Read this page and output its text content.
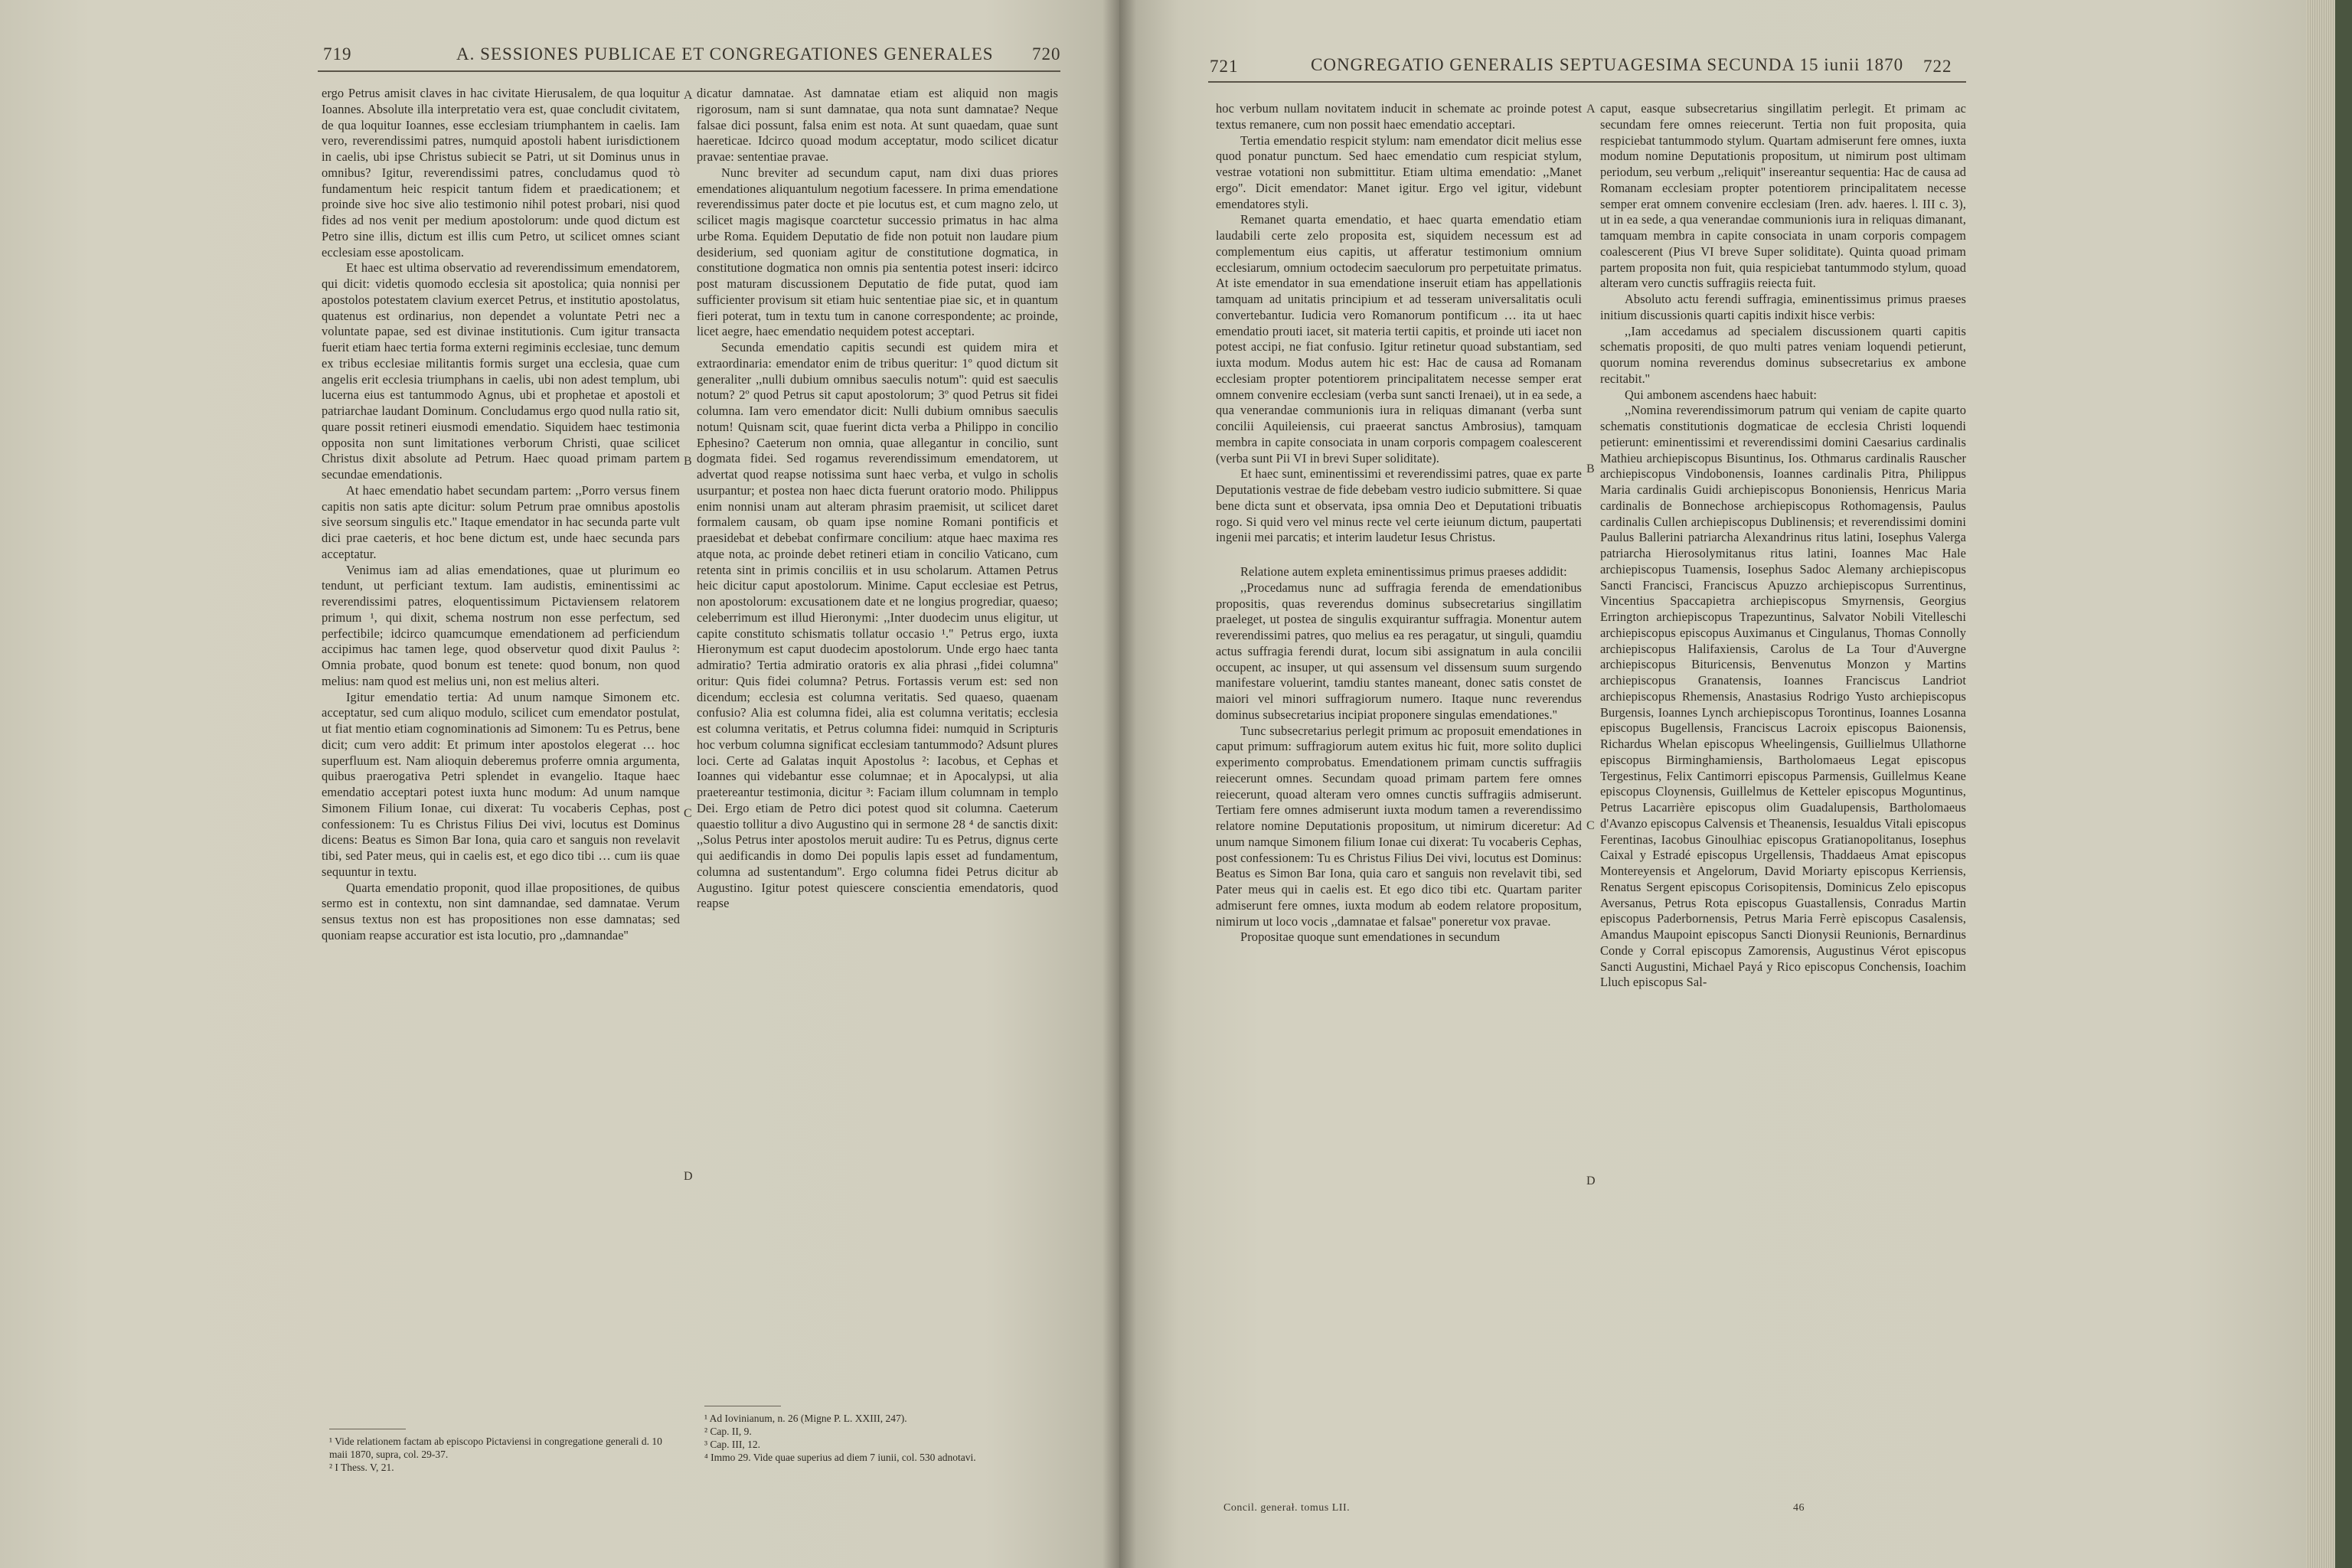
719	A. SESSIONES PUBLICAE ET CONGREGATIONES GENERALES 720

ergo Petrus amisit claves in hac civitate Hierusalem, de qua loquitur Ioannes. Absolute illa interpretatio vera est, quae concludit civitatem, de qua loquitur Ioannes, esse ecclesiam triumphantem in caelis. Iam vero, reverendissimi patres, numquid apostoli habent iurisdictionem in caelis, ubi ipse Christus subiecit se Patri, ut sit Dominus unus in omnibus? Igitur, reverendissimi patres, concludamus quod τὸ fundamentum heic respicit tantum fidem et praedicationem; et proinde sive hoc sive alio testimonio nihil potest probari, nisi quod fides ad nos venit per medium apostolorum: unde quod dictum est Petro sine illis, dictum est illis cum Petro, ut scilicet omnes sciant ecclesiam esse apostolicam.

Et haec est ultima observatio ad reverendissimum emendatorem, qui dicit: videtis quomodo ecclesia sit apostolica; quia nonnisi per apostolos potestatem clavium exercet Petrus, et institutio apostolatus, quatenus est ordinarius, non dependet a voluntate Petri nec a voluntate papae, sed est divinae institutionis. Cum igitur transacta fuerit etiam haec tertia forma externi regiminis ecclesiae, tunc demum ex tribus ecclesiae militantis formis surget una ecclesia, quae cum angelis erit ecclesia triumphans in caelis, ubi non adest templum, ubi lucerna eius est tantummodo Agnus, ubi et prophetae et apostoli et patriarchae laudant Dominum. Concludamus ergo quod nulla ratio sit, quare possit retineri eiusmodi emendatio. Siquidem haec testimonia opposita non sunt limitationes verborum Christi, quae scilicet Christus dixit absolute ad Petrum. Haec quoad primam partem secundae emendationis.

At haec emendatio habet secundam partem: ,,Porro versus finem capitis non satis apte dicitur: solum Petrum prae omnibus apostolis sive seorsum singulis etc.'' Itaque emendator in hac secunda parte vult dici prae caeteris, et hoc bene dictum est, unde haec secunda pars acceptatur.

Venimus iam ad alias emendationes, quae ut plurimum eo tendunt, ut perficiant textum. Iam audistis, eminentissimi ac reverendissimi patres, eloquentissimum Pictaviensem relatorem primum ¹, qui dixit, schema nostrum non esse perfectum, sed perfectibile; idcirco quamcumque emendationem ad perficiendum accipimus hac tamen lege, quod observetur quod dixit Paulus ²: Omnia probate, quod bonum est tenete: quod bonum, non quod melius: nam quod est melius uni, non est melius alteri.

Igitur emendatio tertia: Ad unum namque Simonem etc. acceptatur, sed cum aliquo modulo, scilicet cum emendator postulat, ut fiat mentio etiam cognominationis ad Simonem: Tu es Petrus, bene dicit; cum vero addit: Et primum inter apostolos elegerat … hoc superfluum est. Nam alioquin deberemus proferre omnia argumenta, quibus praerogativa Petri splendet in evangelio. Itaque haec emendatio acceptari potest iuxta hunc modum: Ad unum namque Simonem Filium Ionae, cui dixerat: Tu vocaberis Cephas, post confessionem: Tu es Christus Filius Dei vivi, locutus est Dominus dicens: Beatus es Simon Bar Iona, quia caro et sanguis non revelavit tibi, sed Pater meus, qui in caelis est, et ego dico tibi … cum iis quae sequuntur in textu.

Quarta emendatio proponit, quod illae propositiones, de quibus sermo est in contextu, non sint damnandae, sed damnatae. Verum sensus textus non est has propositiones non esse damnatas; sed quoniam reapse accuratior est ista locutio, pro ,,damnandae''

¹ Vide relationem factam ab episcopo Pictaviensi in congregatione generali d. 10 maii 1870, supra, col. 29-37.
² I Thess. V, 21.
A
B
C
D

dicatur damnatae. Ast damnatae etiam est aliquid non magis rigorosum, nam si sunt damnatae, qua nota sunt damnatae? Neque falsae dici possunt, falsa enim est nota. At sunt quaedam, quae sunt haereticae. Idcirco quoad modum acceptatur, modo scilicet dicatur pravae: sententiae pravae.

Nunc breviter ad secundum caput, nam dixi duas priores emendationes aliquantulum negotium facessere. In prima emendatione reverendissimus pater docte et pie locutus est, et cum magno zelo, ut scilicet magis magisque coarctetur successio primatus in hac alma urbe Roma. Equidem Deputatio de fide non potuit non laudare pium desiderium, sed quoniam agitur de constitutione dogmatica, in constitutione dogmatica non omnis pia sententia potest inseri: idcirco post maturam discussionem Deputatio de fide putat, quod iam sufficienter provisum sit etiam huic sententiae piae sic, et in quantum fieri poterat, tum in textu tum in canone correspondente; ac proinde, licet aegre, haec emendatio nequidem potest acceptari.

Secunda emendatio capitis secundi est quidem mira et extraordinaria: emendator enim de tribus queritur: 1º quod dictum sit generaliter ,,nulli dubium omnibus saeculis notum'': quid est saeculis notum? 2º quod Petrus sit caput apostolorum; 3º quod Petrus sit fidei columna. Iam vero emendator dicit: Nulli dubium omnibus saeculis notum! Quisnam scit, quae fuerint dicta verba a Philippo in concilio Ephesino? Caeterum non omnia, quae allegantur in concilio, sunt dogmata fidei. Sed rogamus reverendissimum emendatorem, ut advertat quod reapse notissima sunt haec verba, et vulgo in scholis usurpantur; et postea non haec dicta fuerunt oratorio modo. Philippus enim nonnisi unam aut alteram phrasim praemisit, ut scilicet daret formalem causam, ob quam ipse nomine Romani pontificis et praesidebat et debebat confirmare concilium: atque haec maxima res atque nota, ac proinde debet retineri etiam in concilio Vaticano, cum retenta sint in primis conciliis et in usu scholarum. Attamen Petrus heic dicitur caput apostolorum. Minime. Caput ecclesiae est Petrus, non apostolorum: excusationem date et ne longius progrediar, quaeso; celeberrimum est illud Hieronymi: ,,Inter duodecim unus eligitur, ut capite constituto schismatis tollatur occasio ¹.'' Petrus ergo, iuxta Hieronymum est caput duodecim apostolorum. Unde ergo haec tanta admiratio? Tertia admiratio oratoris ex alia phrasi ,,fidei columna'' oritur: Quis fidei columna? Petrus. Fortassis verum est: sed non dicendum; ecclesia est columna veritatis. Sed quaeso, quaenam confusio? Alia est columna fidei, alia est columna veritatis; ecclesia est columna veritatis, et Petrus columna fidei: numquid in Scripturis hoc verbum columna significat ecclesiam tantummodo? Adsunt plures loci. Certe ad Galatas inquit Apostolus ²: Iacobus, et Cephas et Ioannes qui videbantur esse columnae; et in Apocalypsi, ut alia praetereantur testimonia, dicitur ³: Faciam illum columnam in templo Dei. Ergo etiam de Petro dici potest quod sit columna. Caeterum quaestio tollitur a divo Augustino qui in sermone 28 ⁴ de sanctis dixit: ,,Solus Petrus inter apostolos meruit audire: Tu es Petrus, dignus certe qui aedificandis in domo Dei populis lapis esset ad fundamentum, columna ad sustentandum''. Ergo columna fidei Petrus dicitur ab Augustino. Igitur potest quiescere conscientia emendatoris, quod reapse

¹ Ad Iovinianum, n. 26 (Migne P. L. XXIII, 247).
² Cap. II, 9.
³ Cap. III, 12.
⁴ Immo 29. Vide quae superius ad diem 7 iunii, col. 530 adnotavi.
721	CONGREGATIO GENERALIS SEPTUAGESIMA SECUNDA 15 iunii 1870 722

hoc verbum nullam novitatem inducit in schemate ac proinde potest textus remanere, cum non possit haec emendatio acceptari.

Tertia emendatio respicit stylum: nam emendator dicit melius esse quod ponatur punctum. Sed haec emendatio cum respiciat stylum, vestrae votationi non submittitur. Etiam ultima emendatio: ,,Manet ergo''. Dicit emendator: Manet igitur. Ergo vel igitur, videbunt emendatores styli.

Remanet quarta emendatio, et haec quarta emendatio etiam laudabili certe zelo proposita est, siquidem necessum est ad complementum eius capitis, ut afferatur testimonium omnium ecclesiarum, omnium octodecim saeculorum pro perpetuitate primatus. At iste emendator in sua emendatione inseruit etiam has appellationis tamquam ad unitatis principium et ad tesseram universalitatis oculi convertebantur. Iudicia vero Romanorum pontificum … ita ut haec emendatio prouti iacet, sit materia tertii capitis, et proinde uti iacet non potest accipi, ne fiat confusio. Igitur retinetur quoad substantiam, sed iuxta modum. Modus autem hic est: Hac de causa ad Romanam ecclesiam propter potentiorem principalitatem necesse semper erat omnem convenire ecclesiam (verba sunt sancti Irenaei), ut in ea sede, a qua venerandae communionis iura in reliquas dimanant (verba sunt concilii Aquileiensis, cui praeerat sanctus Ambrosius), tamquam membra in capite consociata in unam corporis compagem coalescerent (verba sunt Pii VI in brevi Super soliditate).

Et haec sunt, eminentissimi et reverendissimi patres, quae ex parte Deputationis vestrae de fide debebam vestro iudicio submittere. Si quae bene dicta sunt et observata, ipsa omnia Deo et Deputationi tribuatis rogo. Si quid vero vel minus recte vel certe ieiunum dictum, paupertati ingenii mei parcatis; et interim laudetur Iesus Christus.

Relatione autem expleta eminentissimus primus praeses addidit:

,,Procedamus nunc ad suffragia ferenda de emendationibus propositis, quas reverendus dominus subsecretarius singillatim praeleget, ut postea de singulis exquirantur suffragia. Monentur autem reverendissimi patres, quo melius ea res peragatur, ut singuli, quamdiu actus suffragia ferendi durat, locum sibi assignatum in aula concilii occupent, ac insuper, ut qui assensum vel dissensum suum surgendo manifestare voluerint, tamdiu stantes maneant, donec satis constet de maiori vel minori suffragiorum numero. Itaque nunc reverendus dominus subsecretarius incipiat proponere singulas emendationes.''

Tunc subsecretarius perlegit primum ac proposuit emendationes in caput primum: suffragiorum autem exitus hic fuit, more solito duplici experimento comprobatus. Emendationem primam cunctis suffragiis reiecerunt omnes. Secundam quoad primam partem fere omnes reiecerunt, quoad alteram vero omnes cunctis suffragiis admiserunt. Tertiam fere omnes admiserunt iuxta modum tamen a reverendissimo relatore nomine Deputationis propositum, ut nimirum diceretur: Ad unum namque Simonem filium Ionae cui dixerat: Tu vocaberis Cephas, post confessionem: Tu es Christus Filius Dei vivi, locutus est Dominus: Beatus es Simon Bar Iona, quia caro et sanguis non revelavit tibi, sed Pater meus qui in caelis est. Et ego dico tibi etc. Quartam pariter admiserunt fere omnes, iuxta modum ab eodem relatore propositum, nimirum ut loco vocis ,,damnatae et falsae'' poneretur vox pravae.

Propositae quoque sunt emendationes in secundum

Concil. generał. tomus LII.
A
B
C
D

caput, easque subsecretarius singillatim perlegit. Et primam ac secundam fere omnes reiecerunt. Tertia non fuit proposita, quia respiciebat tantummodo stylum. Quartam admiserunt fere omnes, iuxta modum nomine Deputationis propositum, ut nimirum post ultimam periodum, seu verbum ,,reliquit'' insereantur sequentia: Hac de causa ad Romanam ecclesiam propter potentiorem principalitatem necesse semper erat omnem convenire ecclesiam (Iren. adv. haeres. l. III c. 3), ut in ea sede, a qua venerandae communionis iura in reliquas dimanant, tamquam membra in capite consociata in unam corporis compagem coalescerent (Pius VI breve Super soliditate). Quinta quoad primam partem proposita non fuit, quia respiciebat tantummodo stylum, quoad alteram vero cunctis suffragiis reiecta fuit.

Absoluto actu ferendi suffragia, eminentissimus primus praeses initium discussionis quarti capitis indixit hisce verbis:

,,Iam accedamus ad specialem discussionem quarti capitis schematis propositi, de quo multi patres veniam loquendi petierunt, quorum nomina reverendus dominus subsecretarius ex ambone recitabit.''

Qui ambonem ascendens haec habuit:

,,Nomina reverendissimorum patrum qui veniam de capite quarto schematis constitutionis dogmaticae de ecclesia Christi loquendi petierunt: eminentissimi et reverendissimi domini Caesarius cardinalis Mathieu archiepiscopus Bisuntinus, Ios. Othmarus cardinalis Rauscher archiepiscopus Vindobonensis, Ioannes cardinalis Pitra, Philippus Maria cardinalis Guidi archiepiscopus Bononiensis, Henricus Maria cardinalis de Bonnechose archiepiscopus Rothomagensis, Paulus cardinalis Cullen archiepiscopus Dublinensis; et reverendissimi domini Paulus Ballerini patriarcha Alexandrinus ritus latini, Iosephus Valerga patriarcha Hierosolymitanus ritus latini, Ioannes Mac Hale archiepiscopus Tuamensis, Iosephus Sadoc Alemany archiepiscopus Sancti Francisci, Franciscus Apuzzo archiepiscopus Surrentinus, Vincentius Spaccapietra archiepiscopus Smyrnensis, Georgius Errington archiepiscopus Trapezuntinus, Salvator Nobili Vitelleschi archiepiscopus episcopus Auximanus et Cingulanus, Thomas Connolly archiepiscopus Halifaxiensis, Carolus de La Tour d'Auvergne archiepiscopus Bituricensis, Benvenutus Monzon y Martins archiepiscopus Granatensis, Ioannes Franciscus Landriot archiepiscopus Rhemensis, Anastasius Rodrigo Yusto archiepiscopus Burgensis, Ioannes Lynch archiepiscopus Torontinus, Ioannes Losanna episcopus Bugellensis, Franciscus Lacroix episcopus Baionensis, Richardus Whelan episcopus Wheelingensis, Guillielmus Ullathorne episcopus Birminghamiensis, Bartholomaeus Legat episcopus Tergestinus, Felix Cantimorri episcopus Parmensis, Guillelmus Keane episcopus Cloynensis, Guillelmus de Ketteler episcopus Moguntinus, Petrus Lacarrière episcopus olim Guadalupensis, Bartholomaeus d'Avanzo episcopus Calvensis et Theanensis, Iesualdus Vitali episcopus Ferentinas, Iacobus Ginoulhiac episcopus Gratianopolitanus, Iosephus Caixal y Estradé episcopus Urgellensis, Thaddaeus Amat episcopus Montereyensis et Angelorum, David Moriarty episcopus Kerriensis, Renatus Sergent episcopus Corisopitensis, Dominicus Zelo episcopus Aversanus, Petrus Rota episcopus Guastallensis, Conradus Martin episcopus Paderbornensis, Petrus Maria Ferrè episcopus Casalensis, Amandus Maupoint episcopus Sancti Dionysii Reunionis, Bernardinus Conde y Corral episcopus Zamorensis, Augustinus Vérot episcopus Sancti Augustini, Michael Payá y Rico episcopus Conchensis, Ioachim Lluch episcopus Sal-

46
